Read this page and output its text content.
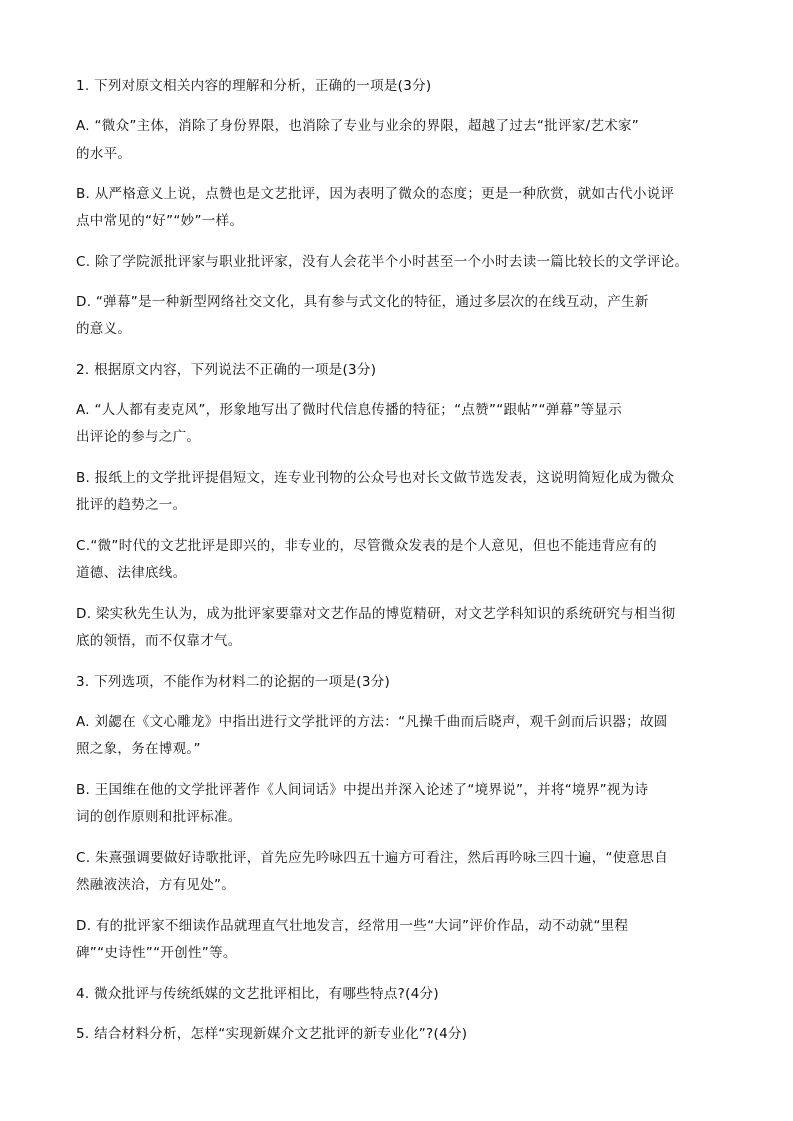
1. 下列对原文相关内容的理解和分析，正确的一项是(3分)
A. “微众”主体，消除了身份界限，也消除了专业与业余的界限，超越了过去“批评家/艺术家”
的水平。
B. 从严格意义上说，点赞也是文艺批评，因为表明了微众的态度；更是一种欣赏，就如古代小说评
点中常见的“好”“妙”一样。
C. 除了学院派批评家与职业批评家，没有人会花半个小时甚至一个小时去读一篇比较长的文学评论。
D. “弹幕”是一种新型网络社交文化，具有参与式文化的特征，通过多层次的在线互动，产生新
的意义。
2. 根据原文内容，下列说法不正确的一项是(3分)
A. “人人都有麦克风”，形象地写出了微时代信息传播的特征；“点赞”“跟帖”“弹幕”等显示
出评论的参与之广。
B. 报纸上的文学批评提倡短文，连专业刊物的公众号也对长文做节选发表，这说明简短化成为微众
批评的趋势之一。
C.“微”时代的文艺批评是即兴的，非专业的，尽管微众发表的是个人意见，但也不能违背应有的
道德、法律底线。
D. 梁实秋先生认为，成为批评家要靠对文艺作品的博览精研，对文艺学科知识的系统研究与相当彻
底的领悟，而不仅靠才气。
3. 下列选项，不能作为材料二的论据的一项是(3分)
A. 刘勰在《文心雕龙》中指出进行文学批评的方法：“凡操千曲而后晓声，观千剑而后识器；故圆
照之象，务在博观。”
B. 王国维在他的文学批评著作《人间词话》中提出并深入论述了“境界说”，并将“境界”视为诗
词的创作原则和批评标准。
C. 朱熹强调要做好诗歌批评，首先应先吟咏四五十遍方可看注，然后再吟咏三四十遍，“使意思自
然融液浃洽，方有见处”。
D. 有的批评家不细读作品就理直气壮地发言，经常用一些“大词”评价作品，动不动就“里程
碑”“史诗性”“开创性”等。
4. 微众批评与传统纸媒的文艺批评相比，有哪些特点?(4分)
5. 结合材料分析，怎样“实现新媒介文艺批评的新专业化”?(4分)
